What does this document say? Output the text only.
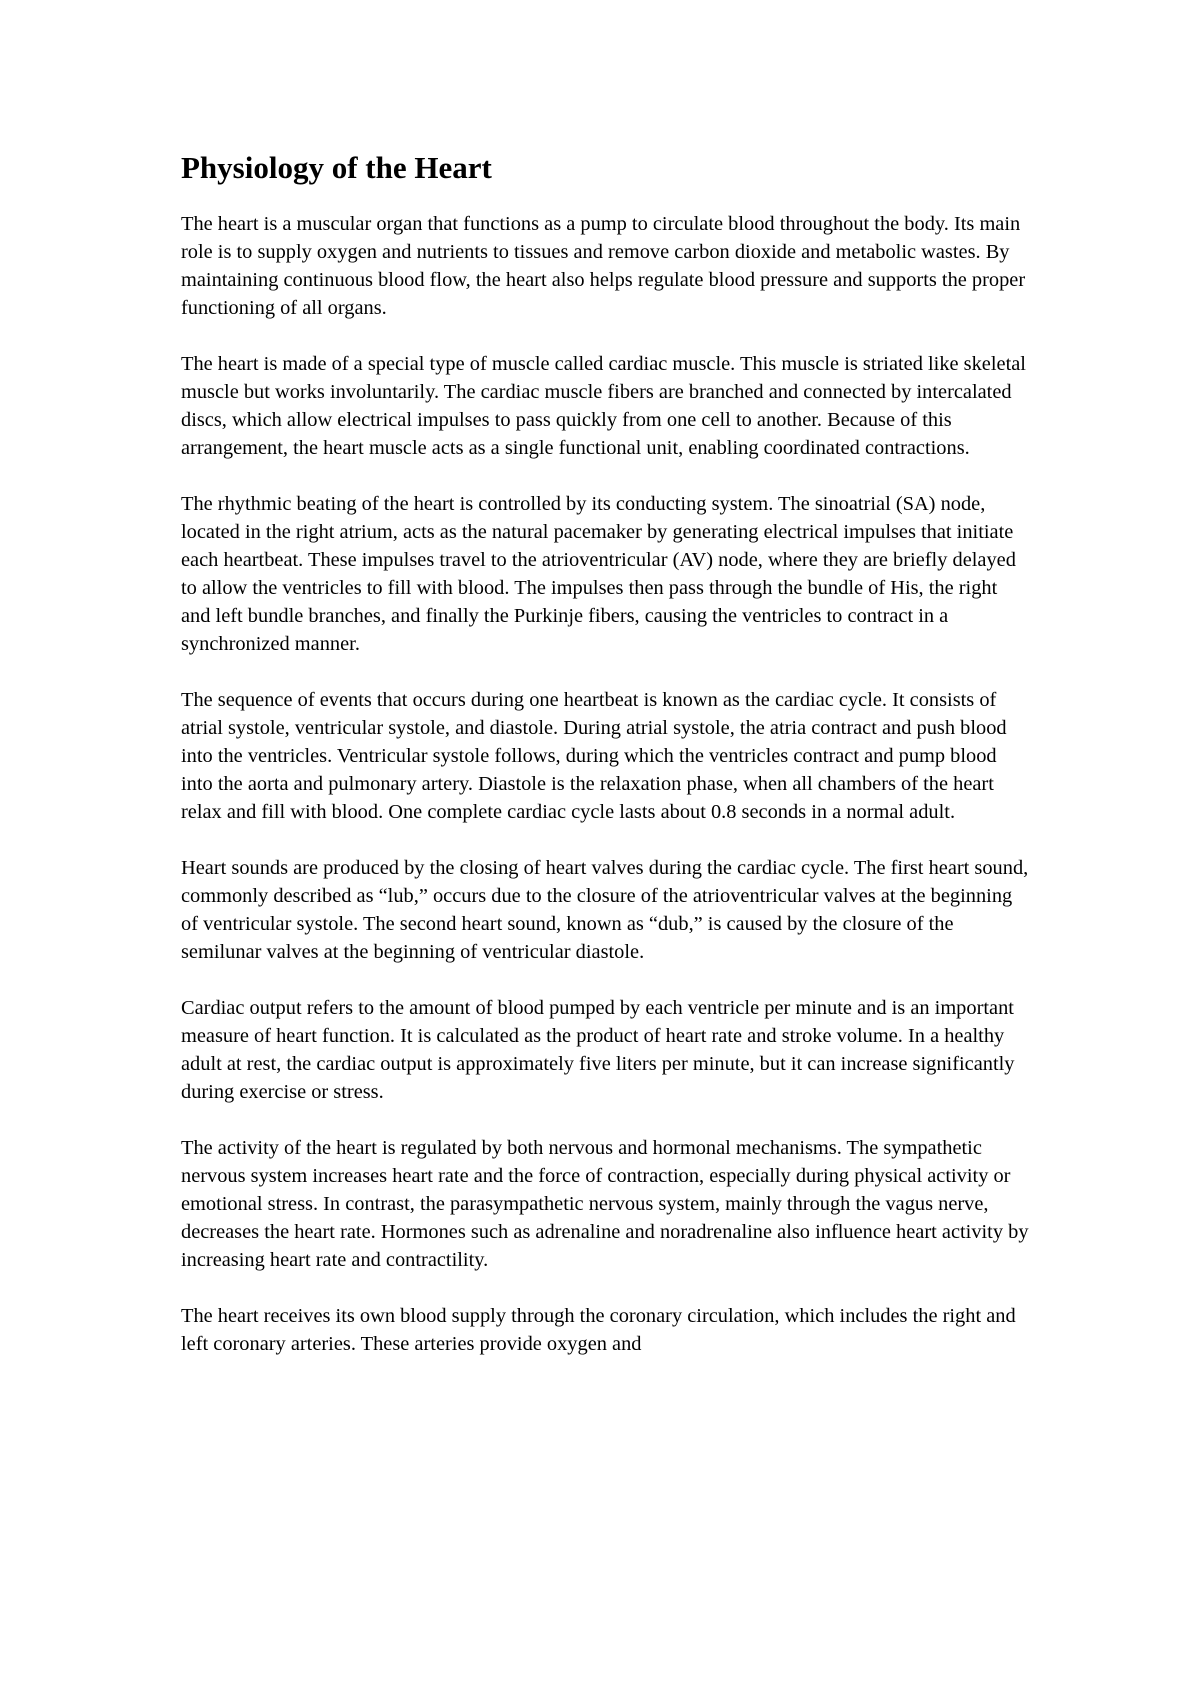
Physiology of the Heart

The heart is a muscular organ that functions as a pump to circulate blood throughout the body. Its main role is to supply oxygen and nutrients to tissues and remove carbon dioxide and metabolic wastes. By maintaining continuous blood flow, the heart also helps regulate blood pressure and supports the proper functioning of all organs.

The heart is made of a special type of muscle called cardiac muscle. This muscle is striated like skeletal muscle but works involuntarily. The cardiac muscle fibers are branched and connected by intercalated discs, which allow electrical impulses to pass quickly from one cell to another. Because of this arrangement, the heart muscle acts as a single functional unit, enabling coordinated contractions.

The rhythmic beating of the heart is controlled by its conducting system. The sinoatrial (SA) node, located in the right atrium, acts as the natural pacemaker by generating electrical impulses that initiate each heartbeat. These impulses travel to the atrioventricular (AV) node, where they are briefly delayed to allow the ventricles to fill with blood. The impulses then pass through the bundle of His, the right and left bundle branches, and finally the Purkinje fibers, causing the ventricles to contract in a synchronized manner.

The sequence of events that occurs during one heartbeat is known as the cardiac cycle. It consists of atrial systole, ventricular systole, and diastole. During atrial systole, the atria contract and push blood into the ventricles. Ventricular systole follows, during which the ventricles contract and pump blood into the aorta and pulmonary artery. Diastole is the relaxation phase, when all chambers of the heart relax and fill with blood. One complete cardiac cycle lasts about 0.8 seconds in a normal adult.

Heart sounds are produced by the closing of heart valves during the cardiac cycle. The first heart sound, commonly described as “lub,” occurs due to the closure of the atrioventricular valves at the beginning of ventricular systole. The second heart sound, known as “dub,” is caused by the closure of the semilunar valves at the beginning of ventricular diastole.

Cardiac output refers to the amount of blood pumped by each ventricle per minute and is an important measure of heart function. It is calculated as the product of heart rate and stroke volume. In a healthy adult at rest, the cardiac output is approximately five liters per minute, but it can increase significantly during exercise or stress.

The activity of the heart is regulated by both nervous and hormonal mechanisms. The sympathetic nervous system increases heart rate and the force of contraction, especially during physical activity or emotional stress. In contrast, the parasympathetic nervous system, mainly through the vagus nerve, decreases the heart rate. Hormones such as adrenaline and noradrenaline also influence heart activity by increasing heart rate and contractility.

The heart receives its own blood supply through the coronary circulation, which includes the right and left coronary arteries. These arteries provide oxygen and
